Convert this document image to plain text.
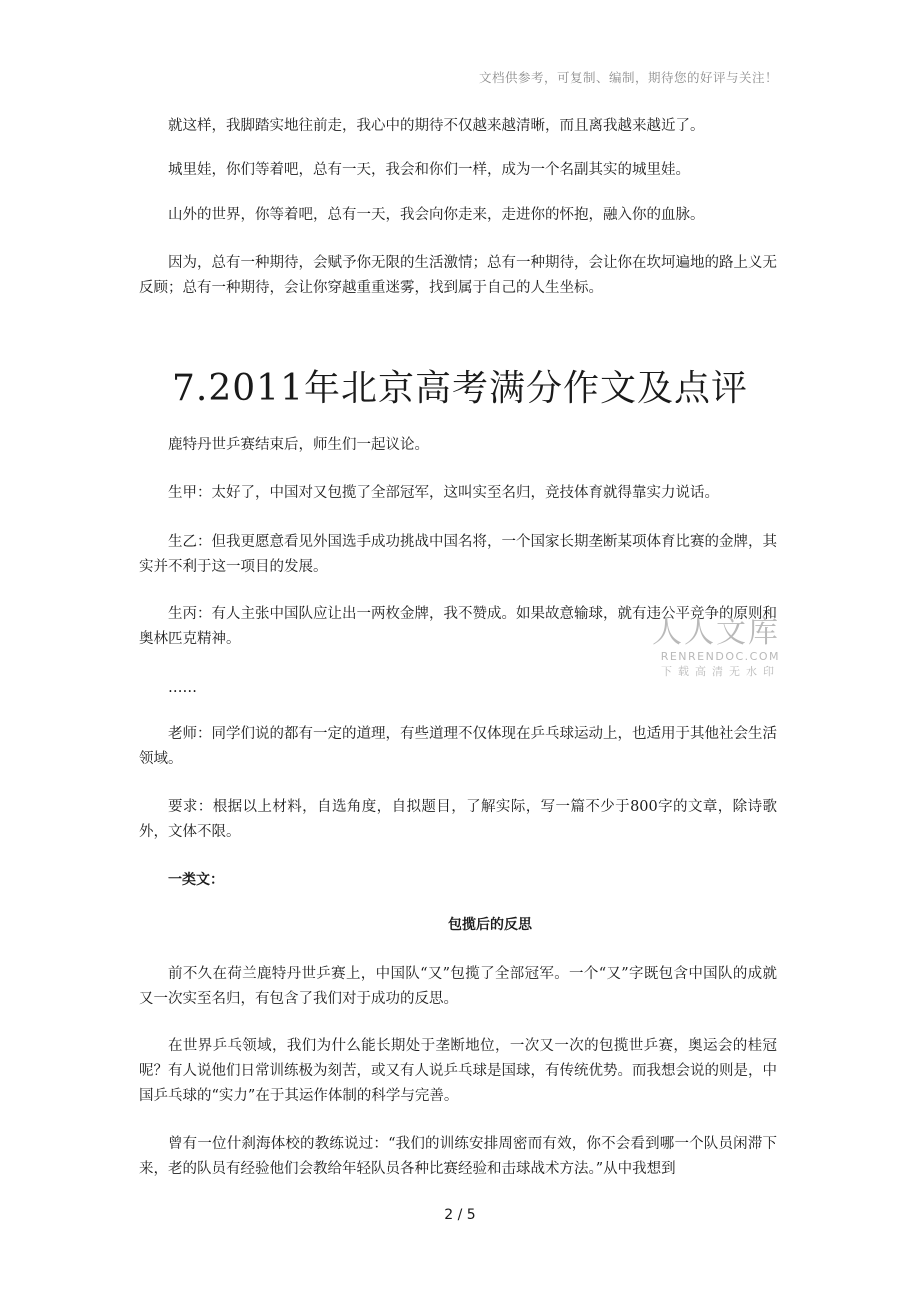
文档供参考，可复制、编制，期待您的好评与关注！

就这样，我脚踏实地往前走，我心中的期待不仅越来越清晰，而且离我越来越近了。

城里娃，你们等着吧，总有一天，我会和你们一样，成为一个名副其实的城里娃。

山外的世界，你等着吧，总有一天，我会向你走来，走进你的怀抱，融入你的血脉。

因为，总有一种期待，会赋予你无限的生活激情；总有一种期待，会让你在坎坷遍地的路上义无反顾；总有一种期待，会让你穿越重重迷雾，找到属于自己的人生坐标。

7.2011年北京高考满分作文及点评

鹿特丹世乒赛结束后，师生们一起议论。

生甲：太好了，中国对又包揽了全部冠军，这叫实至名归，竞技体育就得靠实力说话。

生乙：但我更愿意看见外国选手成功挑战中国名将，一个国家长期垄断某项体育比赛的金牌，其实并不利于这一项目的发展。

生丙：有人主张中国队应让出一两枚金牌，我不赞成。如果故意输球，就有违公平竞争的原则和奥林匹克精神。

……

老师：同学们说的都有一定的道理，有些道理不仅体现在乒乓球运动上，也适用于其他社会生活领域。

要求：根据以上材料，自选角度，自拟题目，了解实际，写一篇不少于800字的文章，除诗歌外，文体不限。

一类文：

包揽后的反思

前不久在荷兰鹿特丹世乒赛上，中国队“又”包揽了全部冠军。一个“又”字既包含中国队的成就又一次实至名归，有包含了我们对于成功的反思。

在世界乒乓领域，我们为什么能长期处于垄断地位，一次又一次的包揽世乒赛，奥运会的桂冠呢？有人说他们日常训练极为刻苦，或又有人说乒乓球是国球，有传统优势。而我想会说的则是，中国乒乓球的“实力”在于其运作体制的科学与完善。

曾有一位什刹海体校的教练说过：“我们的训练安排周密而有效，你不会看到哪一个队员闲滞下来，老的队员有经验他们会教给年轻队员各种比赛经验和击球战术方法。”从中我想到

人人文库
RENRENDOC.COM
下载高清无水印
2 / 5
